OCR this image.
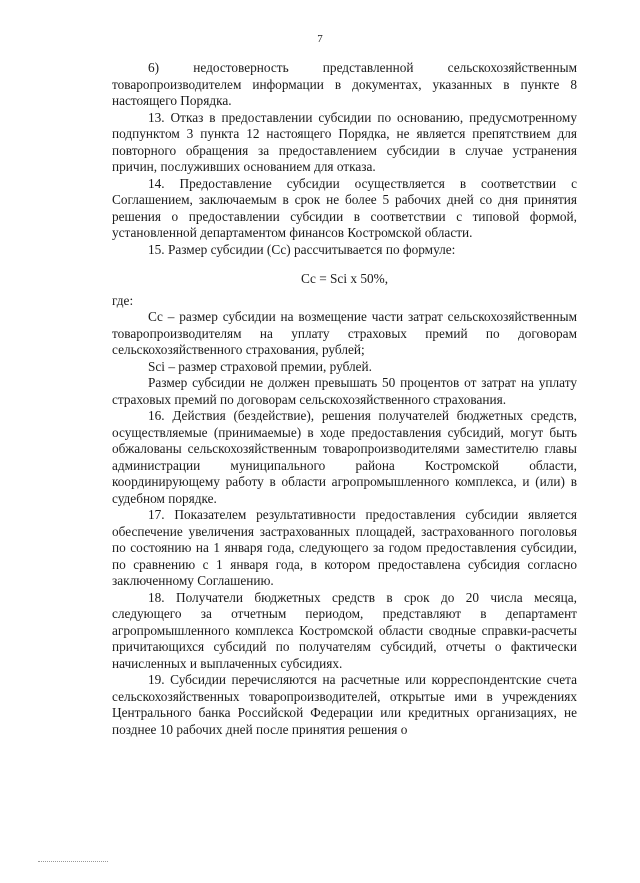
7

6) недостоверность представленной сельскохозяйственным товаропроизводителем информации в документах, указанных в пункте 8 настоящего Порядка.

13. Отказ в предоставлении субсидии по основанию, предусмотренному подпунктом 3 пункта 12 настоящего Порядка, не является препятствием для повторного обращения за предоставлением субсидии в случае устранения причин, послуживших основанием для отказа.

14. Предоставление субсидии осуществляется в соответствии с Соглашением, заключаемым в срок не более 5 рабочих дней со дня принятия решения о предоставлении субсидии в соответствии с типовой формой, установленной департаментом финансов Костромской области.

15. Размер субсидии (Сс) рассчитывается по формуле:

Сс = Sci x 50%,

где:

Сс – размер субсидии на возмещение части затрат сельскохозяйственным товаропроизводителям на уплату страховых премий по договорам сельскохозяйственного страхования, рублей;

Sci – размер страховой премии, рублей.

Размер субсидии не должен превышать 50 процентов от затрат на уплату страховых премий по договорам сельскохозяйственного страхования.

16. Действия (бездействие), решения получателей бюджетных средств, осуществляемые (принимаемые) в ходе предоставления субсидий, могут быть обжалованы сельскохозяйственным товаропроизводителями заместителю главы администрации муниципального района Костромской области, координирующему работу в области агропромышленного комплекса, и (или) в судебном порядке.

17. Показателем результативности предоставления субсидии является обеспечение увеличения застрахованных площадей, застрахованного поголовья по состоянию на 1 января года, следующего за годом предоставления субсидии, по сравнению с 1 января года, в котором предоставлена субсидия согласно заключенному Соглашению.

18. Получатели бюджетных средств в срок до 20 числа месяца, следующего за отчетным периодом, представляют в департамент агропромышленного комплекса Костромской области сводные справки-расчеты причитающихся субсидий по получателям субсидий, отчеты о фактически начисленных и выплаченных субсидиях.

19. Субсидии перечисляются на расчетные или корреспондентские счета сельскохозяйственных товаропроизводителей, открытые ими в учреждениях Центрального банка Российской Федерации или кредитных организациях, не позднее 10 рабочих дней после принятия решения о
